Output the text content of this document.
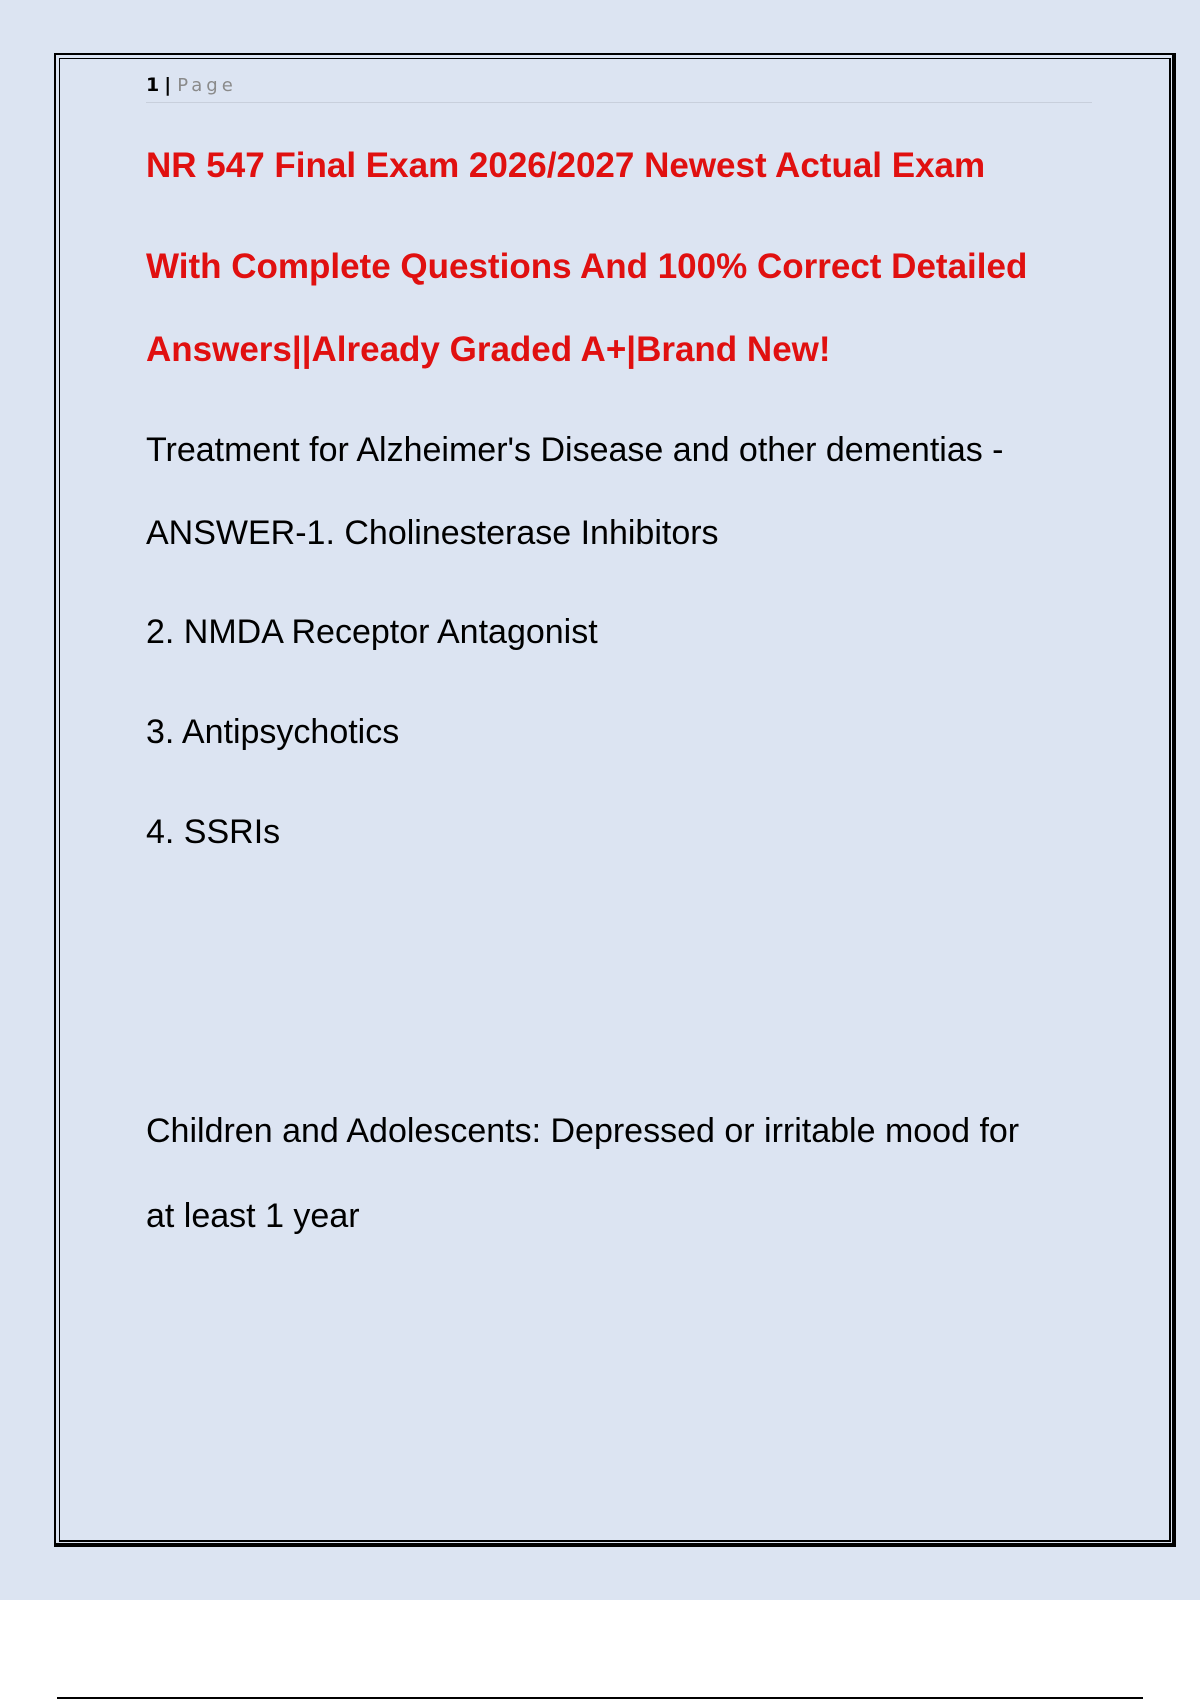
1 | Page
NR 547 Final Exam 2026/2027 Newest Actual Exam
With Complete Questions And 100% Correct Detailed
Answers||Already Graded A+|Brand New!
Treatment for Alzheimer's Disease and other dementias -
ANSWER-1. Cholinesterase Inhibitors
2. NMDA Receptor Antagonist
3. Antipsychotics
4. SSRIs
Children and Adolescents: Depressed or irritable mood for
at least 1 year
